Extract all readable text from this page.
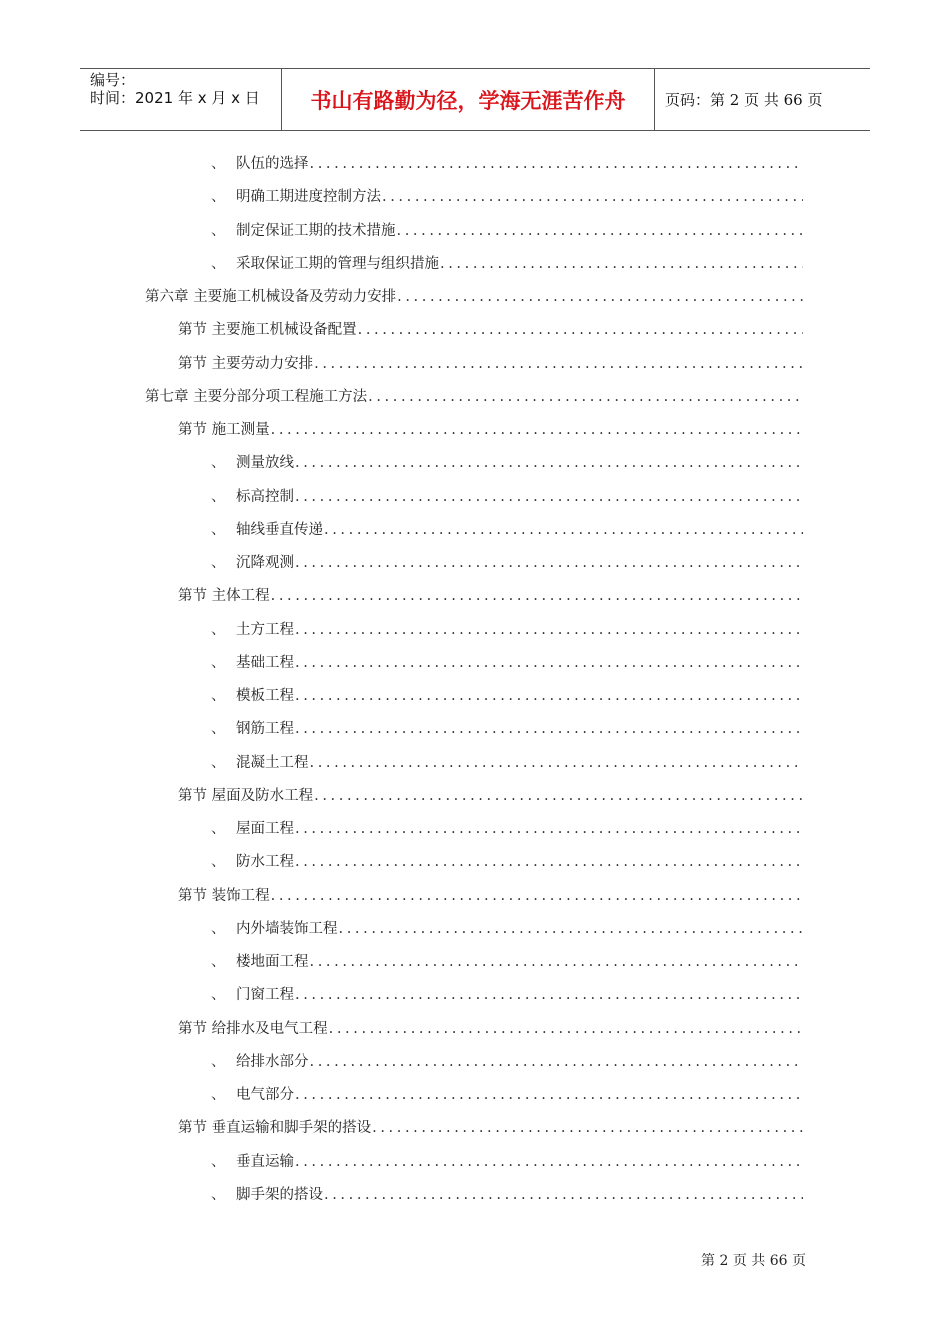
编号：
时间：2021 年 x 月 x 日 书山有路勤为径，学海无涯苦作舟	页码：第 2 页 共 66 页
、 队伍的选择
.....
、 明确工期进度控制方法
.....
、 制定保证工期的技术措施
.....
、 采取保证工期的管理与组织措施
.....
第六章 主要施工机械设备及劳动力安排
.....
第节 主要施工机械设备配置
.....
第节 主要劳动力安排
.....
第七章 主要分部分项工程施工方法
.....
第节 施工测量
.....
、 测量放线
.....
、 标高控制
.....
、 轴线垂直传递
.....
、 沉降观测
.....
第节 主体工程
.....
、 土方工程
.....
、 基础工程
.....
、 模板工程
.....
、 钢筋工程
.....
、 混凝土工程
.....
第节 屋面及防水工程
.....
、 屋面工程
.....
、 防水工程
.....
第节 装饰工程
.....
、 内外墙装饰工程
.....
、 楼地面工程
.....
、 门窗工程
.....
第节 给排水及电气工程
.....
、 给排水部分
.....
、 电气部分
.....
第节 垂直运输和脚手架的搭设
.....
、 垂直运输
.....
、 脚手架的搭设
.....
第 2 页 共 66 页
